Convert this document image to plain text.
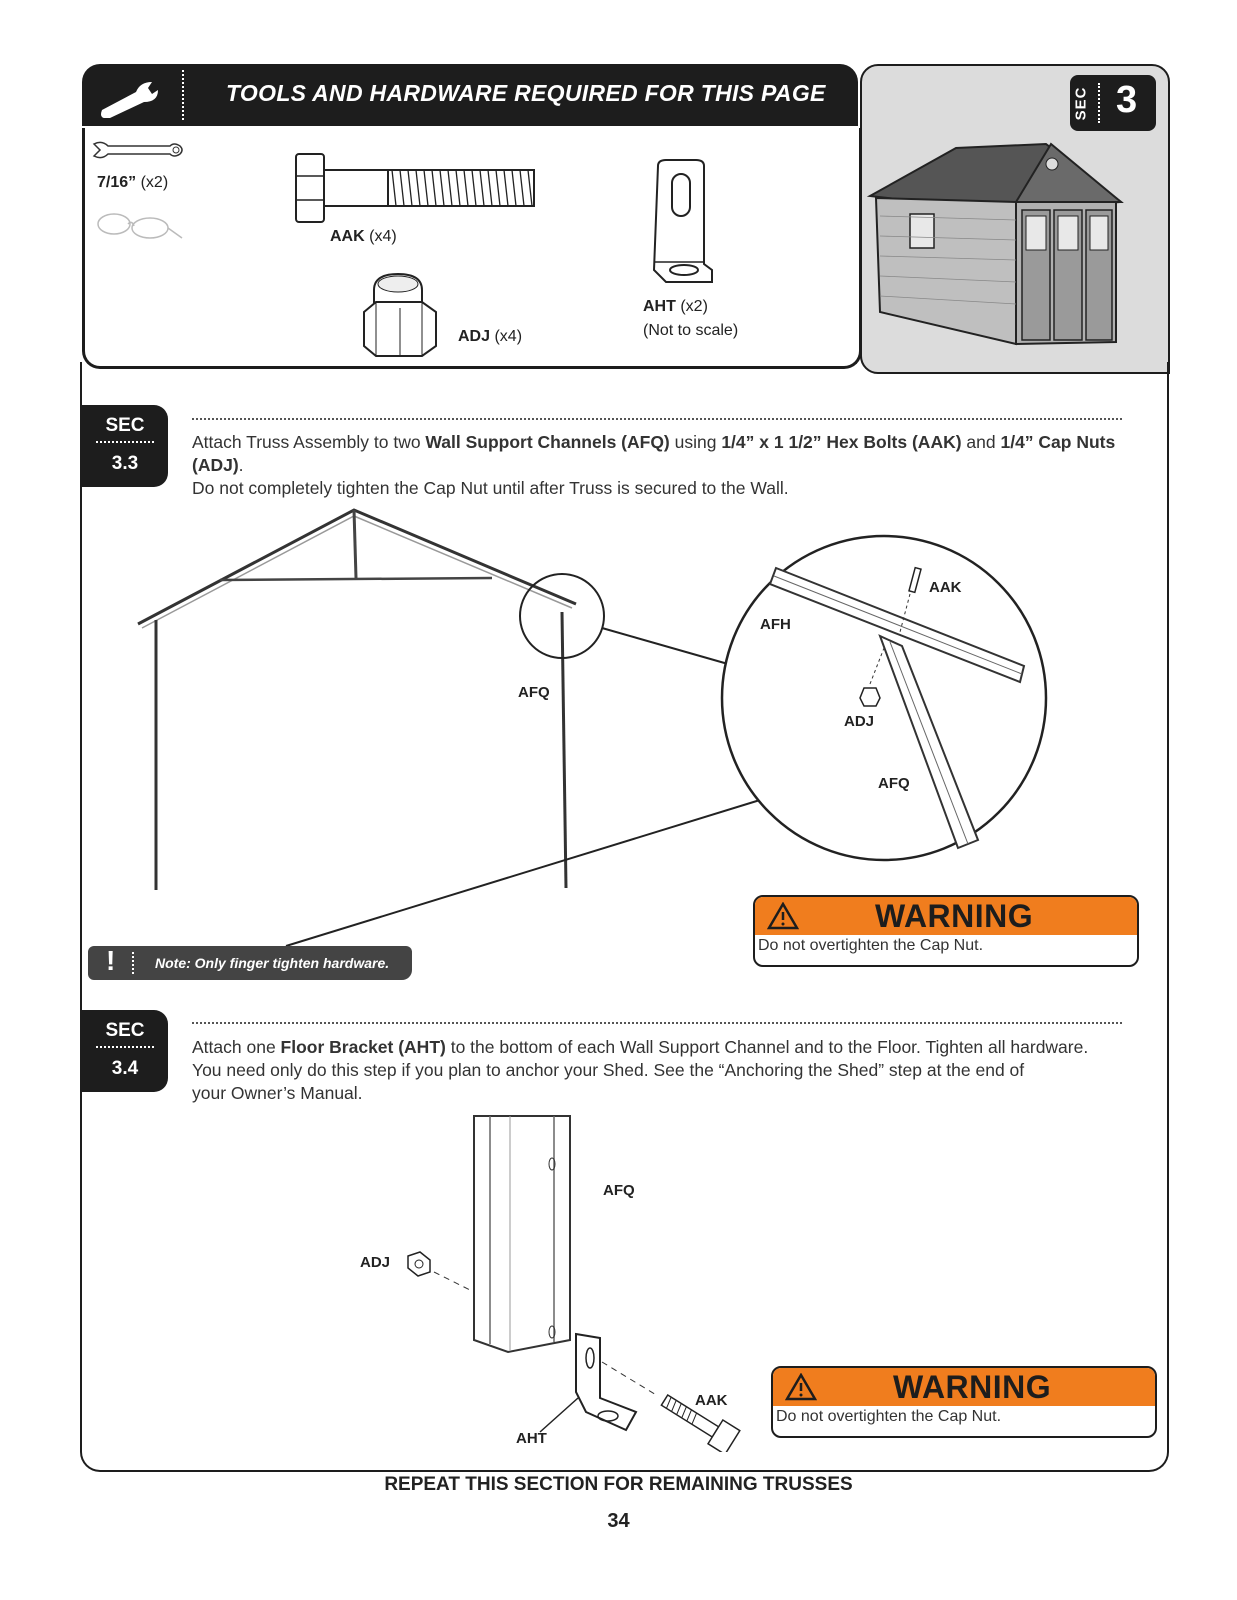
TOOLS AND HARDWARE REQUIRED FOR THIS PAGE	SEC 3
7/16” (x2)
AAK (x4)
ADJ (x4)
AHT (x2)
(Not to scale)
SEC
3.3
Attach Truss Assembly to two Wall Support Channels (AFQ) using 1/4” x 1 1/2” Hex Bolts (AAK) and 1/4” Cap Nuts (ADJ).
Do not completely tighten the Cap Nut until after Truss is secured to the Wall.
AFQ
AAK
AFH
ADJ
AFQ
WARNING
Do not overtighten the Cap Nut.
!	Note: Only finger tighten hardware.
SEC
3.4
Attach one Floor Bracket (AHT) to the bottom of each Wall Support Channel and to the Floor. Tighten all hardware.
You need only do this step if you plan to anchor your Shed. See the “Anchoring the Shed” step at the end of
your Owner’s Manual.
AFQ
ADJ
AAK
AHT
WARNING
Do not overtighten the Cap Nut.
REPEAT THIS SECTION FOR REMAINING TRUSSES
34
